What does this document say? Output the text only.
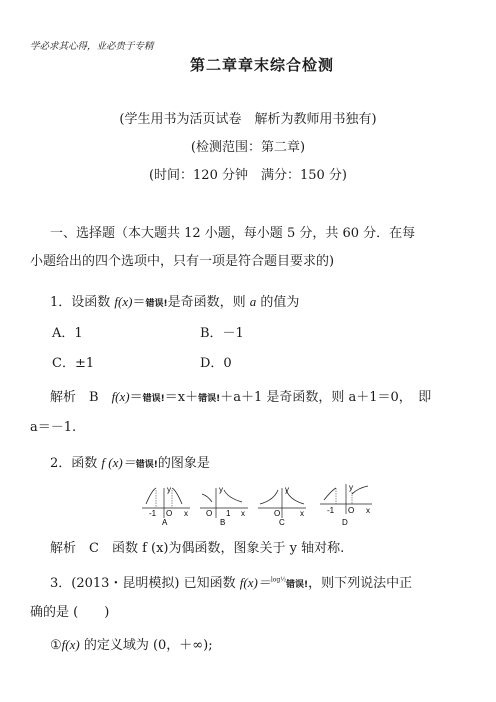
学必求其心得，业必贵于专精
第二章章末综合检测
(学生用书为活页试卷　解析为教师用书独有)
(检测范围：第二章)
(时间：120 分钟　满分：150 分)
一、选择题（本大题共 12 小题，每小题 5 分，共 60 分．在每
小题给出的四个选项中，只有一项是符合题目要求的)
1．设函数 f(x)＝错误!是奇函数，则 a 的值为
A．1	B．－1
C．±1	D．0
解析　B　f(x)＝错误!＝x＋错误!＋a＋1 是奇函数，则 a＋1＝0，　即
a＝－1.
2．函数 f (x)＝错误!的图象是
y
x
-1 O
A
y
x
O 1
B
y
x
O
C
y
x
-1 O
D
解析　C　函数 f (x)为偶函数，图象关于 y 轴对称.
3．(2013・昆明模拟) 已知函数 f(x)＝$^{log\frac{1}{2}}$错误!，则下列说法中正
确的是 (　　)
①f(x) 的定义域为 (0，＋∞);
